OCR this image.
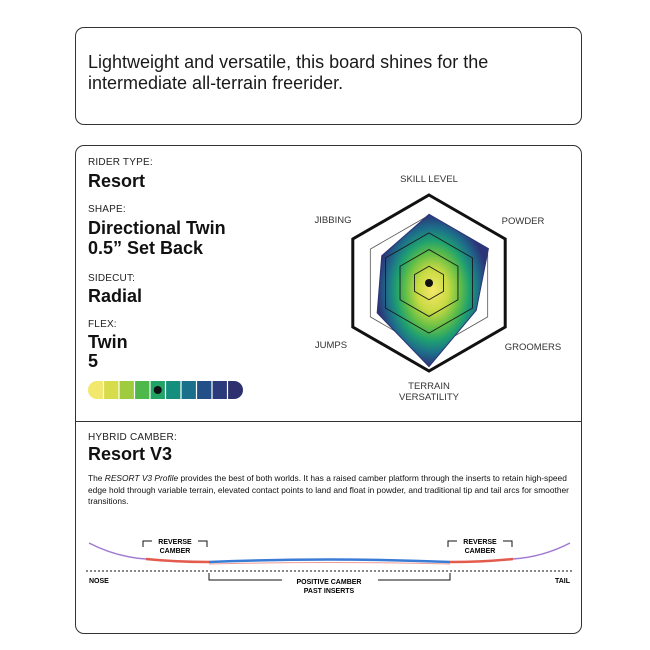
Lightweight and versatile, this board shines for the intermediate all-terrain freerider.
RIDER TYPE:
Resort
SHAPE:
Directional Twin
0.5” Set Back
SIDECUT:
Radial
FLEX:
Twin
5
SKILL LEVEL
POWDER
GROOMERS
TERRAIN
VERSATILITY
JUMPS
JIBBING
HYBRID CAMBER:
Resort V3
The RESORT V3 Profile provides the best of both worlds. It has a raised camber platform through the inserts to retain high-speed edge hold through variable terrain, elevated contact points to land and float in powder, and traditional tip and tail arcs for smoother transitions.
REVERSE
CAMBER
REVERSE
CAMBER
NOSE	TAIL
POSITIVE CAMBER
PAST INSERTS
